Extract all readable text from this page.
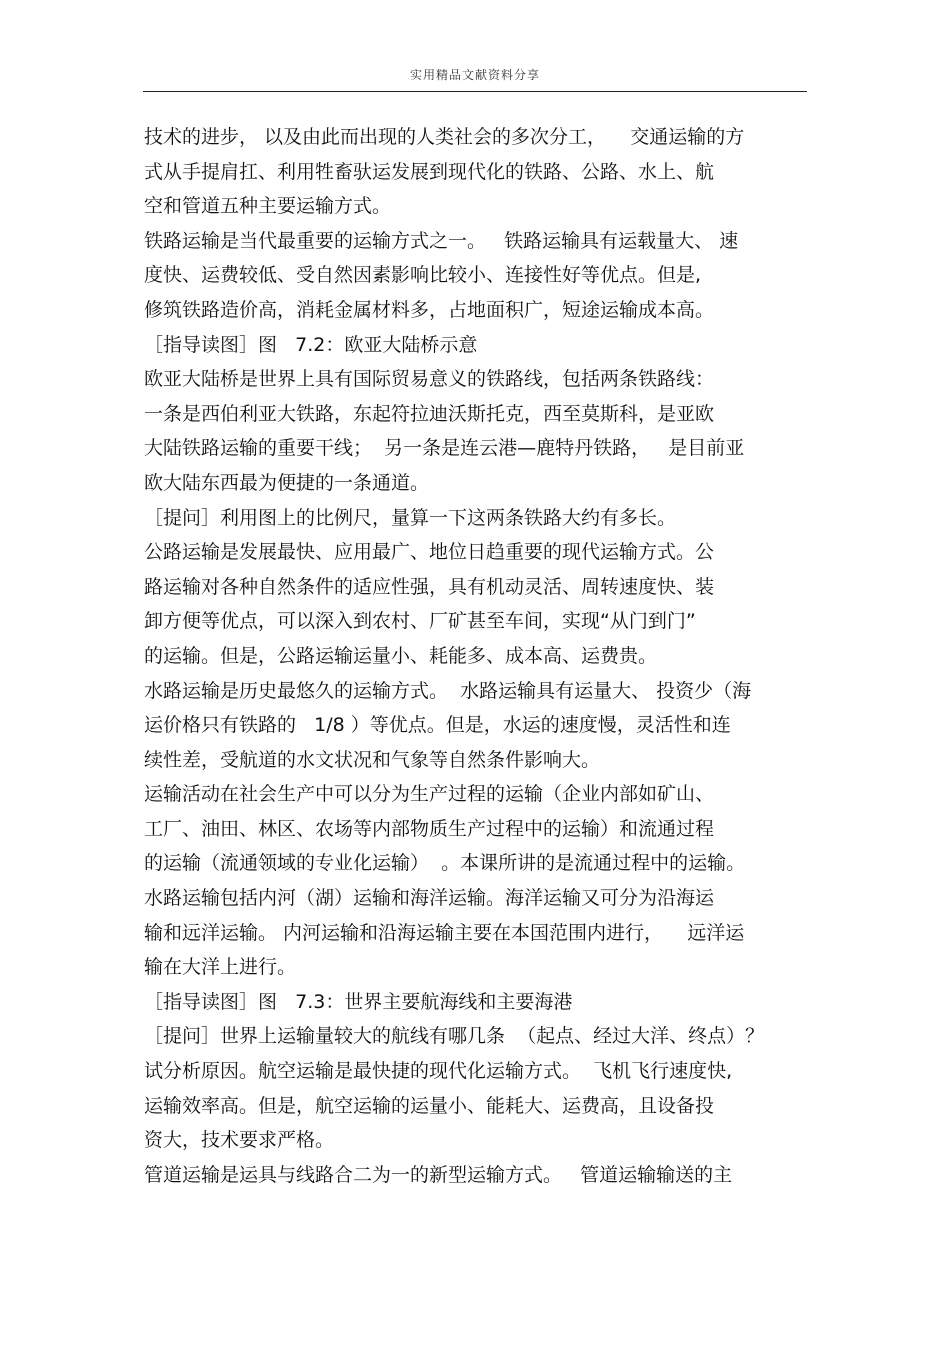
实用精品文献资料分享
技术的进步， 以及由此而出现的人类社会的多次分工，    交通运输的方
式从手提肩扛、利用牲畜驮运发展到现代化的铁路、公路、水上、航
空和管道五种主要运输方式。
铁路运输是当代最重要的运输方式之一。   铁路运输具有运载量大、 速
度快、运费较低、受自然因素影响比较小、连接性好等优点。但是,
修筑铁路造价高，消耗金属材料多，占地面积广，短途运输成本高。
［指导读图］图   7.2：欧亚大陆桥示意
欧亚大陆桥是世界上具有国际贸易意义的铁路线，包括两条铁路线：
一条是西伯利亚大铁路，东起符拉迪沃斯托克，西至莫斯科，是亚欧
大陆铁路运输的重要干线；  另一条是连云港—鹿特丹铁路，   是目前亚
欧大陆东西最为便捷的一条通道。
［提问］利用图上的比例尺，量算一下这两条铁路大约有多长。
公路运输是发展最快、应用最广、地位日趋重要的现代运输方式。公
路运输对各种自然条件的适应性强，具有机动灵活、周转速度快、装
卸方便等优点，可以深入到农村、厂矿甚至车间，实现“从门到门”
的运输。但是，公路运输运量小、耗能多、成本高、运费贵。
水路运输是历史最悠久的运输方式。  水路运输具有运量大、 投资少（海
运价格只有铁路的   1/8 ）等优点。但是，水运的速度慢，灵活性和连
续性差，受航道的水文状况和气象等自然条件影响大。
运输活动在社会生产中可以分为生产过程的运输（企业内部如矿山、
工厂、油田、林区、农场等内部物质生产过程中的运输）和流通过程
的运输（流通领域的专业化运输）  。本课所讲的是流通过程中的运输。
水路运输包括内河（湖）运输和海洋运输。海洋运输又可分为沿海运
输和远洋运输。 内河运输和沿海运输主要在本国范围内进行，    远洋运
输在大洋上进行。
［指导读图］图   7.3：世界主要航海线和主要海港
［提问］世界上运输量较大的航线有哪几条  （起点、经过大洋、终点）？
试分析原因。航空运输是最快捷的现代化运输方式。  飞机飞行速度快,
运输效率高。但是，航空运输的运量小、能耗大、运费高，且设备投
资大，技术要求严格。
管道运输是运具与线路合二为一的新型运输方式。   管道运输输送的主
